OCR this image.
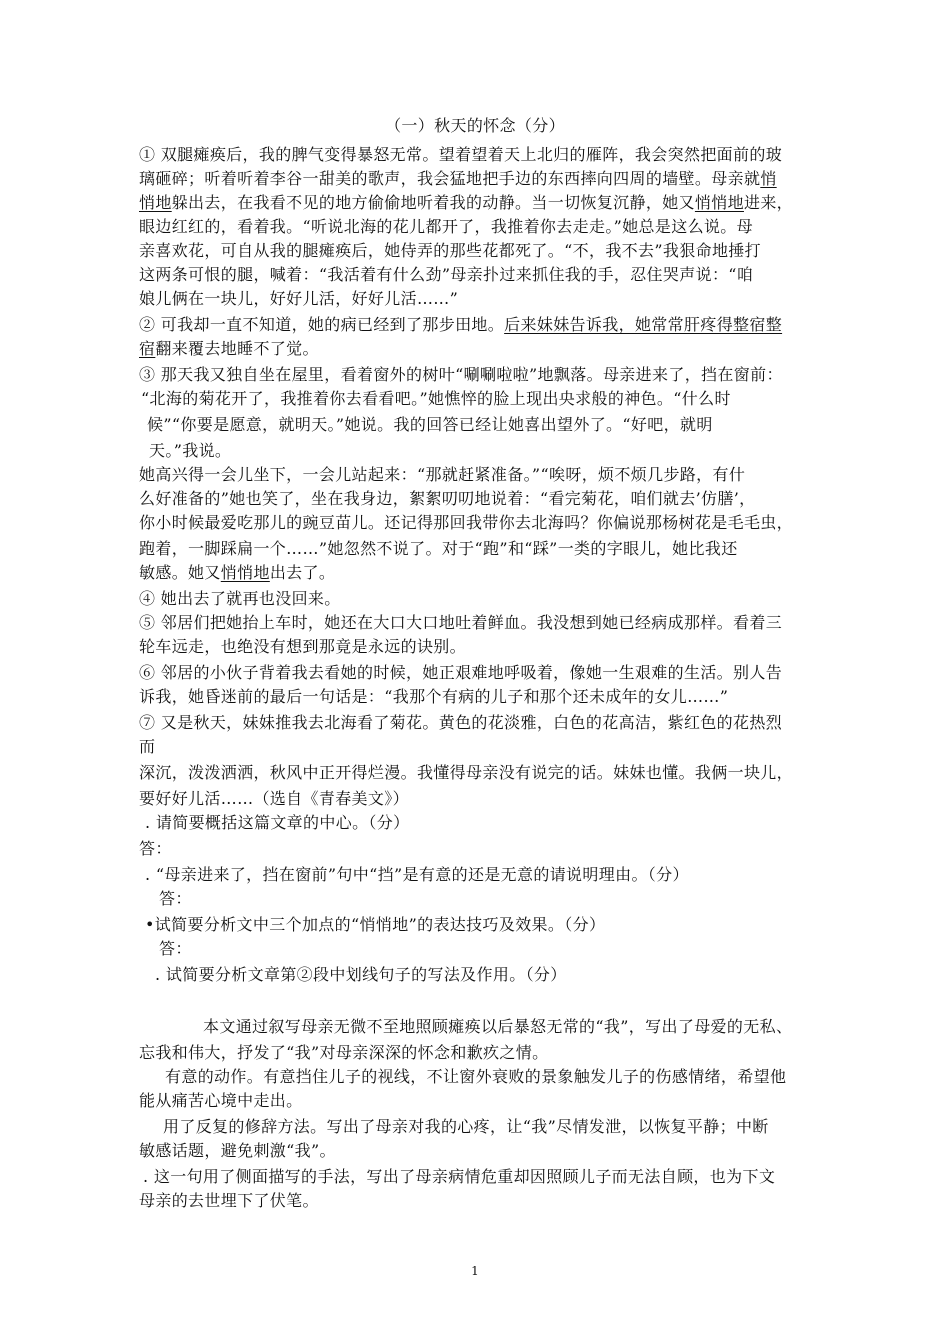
（一）秋天的怀念（分）
① 双腿瘫痪后，我的脾气变得暴怒无常。望着望着天上北归的雁阵，我会突然把面前的玻
璃砸碎；听着听着李谷一甜美的歌声，我会猛地把手边的东西摔向四周的墙壁。母亲就悄
悄地躲出去，在我看不见的地方偷偷地听着我的动静。当一切恢复沉静，她又悄悄地进来，
眼边红红的，看着我。“听说北海的花儿都开了，我推着你去走走。”她总是这么说。母
亲喜欢花，可自从我的腿瘫痪后，她侍弄的那些花都死了。“不，我不去”我狠命地捶打
这两条可恨的腿，喊着：“我活着有什么劲”母亲扑过来抓住我的手，忍住哭声说：“咱
娘儿俩在一块儿，好好儿活，好好儿活……”
② 可我却一直不知道，她的病已经到了那步田地。后来妹妹告诉我，她常常肝疼得整宿整
宿翻来覆去地睡不了觉。
③ 那天我又独自坐在屋里，看着窗外的树叶“唰唰啦啦”地飘落。母亲进来了，挡在窗前：
“北海的菊花开了，我推着你去看看吧。”她憔悴的脸上现出央求般的神色。“什么时
候”“你要是愿意，就明天。”她说。我的回答已经让她喜出望外了。“好吧，就明
天。”我说。
她高兴得一会儿坐下，一会儿站起来：“那就赶紧准备。”“唉呀，烦不烦几步路，有什
么好准备的”她也笑了，坐在我身边，絮絮叨叨地说着：“看完菊花，咱们就去’仿膳’，
你小时候最爱吃那儿的豌豆苗儿。还记得那回我带你去北海吗？你偏说那杨树花是毛毛虫，
跑着，一脚踩扁一个……”她忽然不说了。对于“跑”和“踩”一类的字眼儿，她比我还
敏感。她又悄悄地出去了。
④ 她出去了就再也没回来。
⑤ 邻居们把她抬上车时，她还在大口大口地吐着鲜血。我没想到她已经病成那样。看着三
轮车远走，也绝没有想到那竟是永远的诀别。
⑥ 邻居的小伙子背着我去看她的时候，她正艰难地呼吸着，像她一生艰难的生活。别人告
诉我，她昏迷前的最后一句话是：“我那个有病的儿子和那个还未成年的女儿……”
⑦ 又是秋天，妹妹推我去北海看了菊花。黄色的花淡雅，白色的花高洁，紫红色的花热烈
而
深沉，泼泼洒洒，秋风中正开得烂漫。我懂得母亲没有说完的话。妹妹也懂。我俩一块儿，
要好好儿活……（选自《青春美文》）
. 请简要概括这篇文章的中心。（分）
答：
. “母亲进来了，挡在窗前”句中“挡”是有意的还是无意的请说明理由。（分）
答：
•试简要分析文中三个加点的“悄悄地”的表达技巧及效果。（分）
答：
. 试简要分析文章第②段中划线句子的写法及作用。（分）
本文通过叙写母亲无微不至地照顾瘫痪以后暴怒无常的“我”，写出了母爱的无私、
忘我和伟大，抒发了“我”对母亲深深的怀念和歉疚之情。
有意的动作。有意挡住儿子的视线，不让窗外衰败的景象触发儿子的伤感情绪，希望他
能从痛苦心境中走出。
用了反复的修辞方法。写出了母亲对我的心疼，让“我”尽情发泄，以恢复平静；中断
敏感话题，避免刺激“我”。
. 这一句用了侧面描写的手法，写出了母亲病情危重却因照顾儿子而无法自顾，也为下文
母亲的去世埋下了伏笔。
1
